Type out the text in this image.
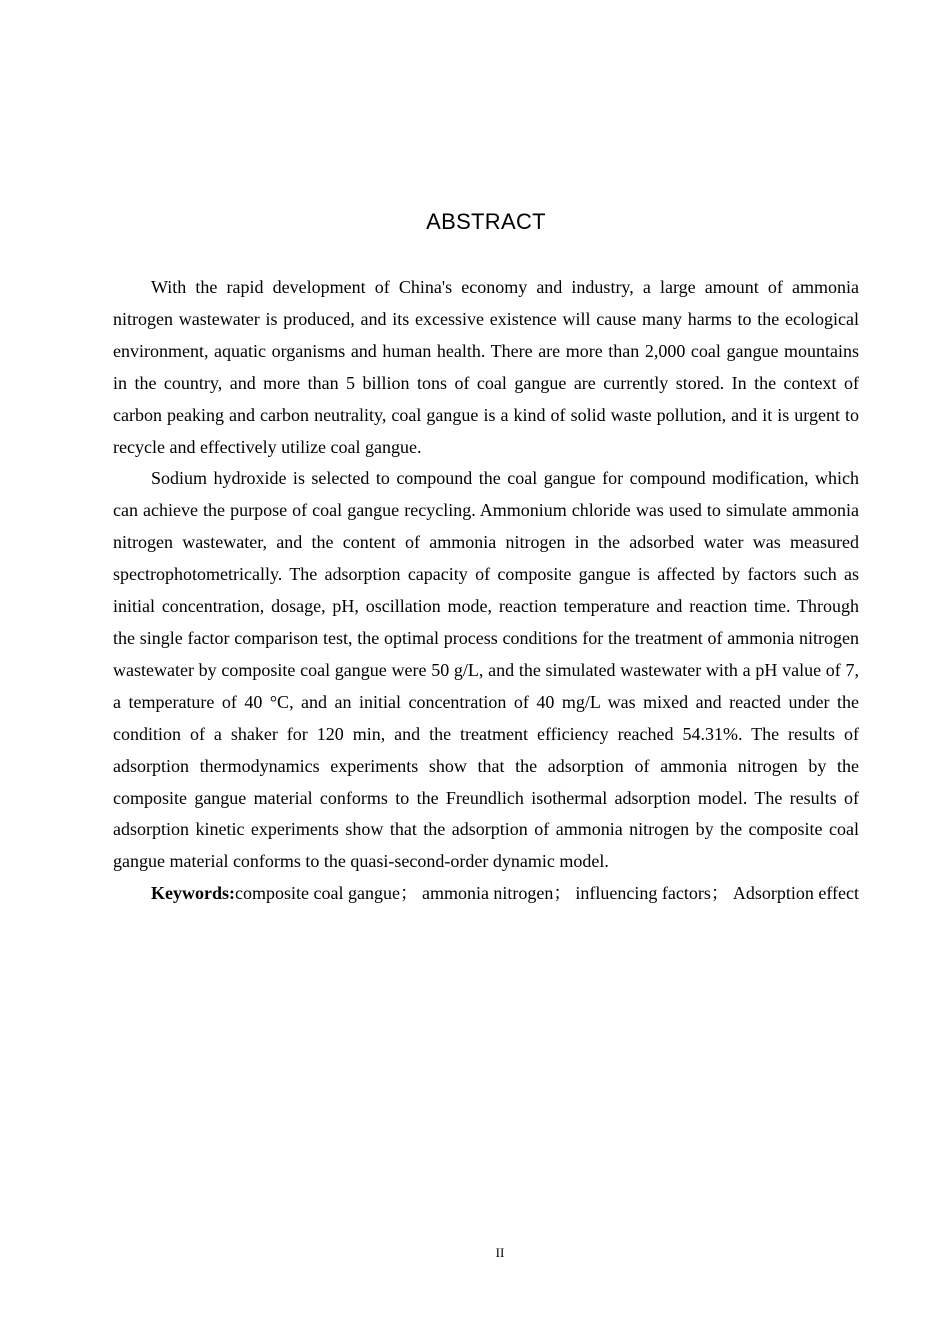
ABSTRACT

With the rapid development of China's economy and industry, a large amount of ammonia nitrogen wastewater is produced, and its excessive existence will cause many harms to the ecological environment, aquatic organisms and human health. There are more than 2,000 coal gangue mountains in the country, and more than 5 billion tons of coal gangue are currently stored. In the context of carbon peaking and carbon neutrality, coal gangue is a kind of solid waste pollution, and it is urgent to recycle and effectively utilize coal gangue.

Sodium hydroxide is selected to compound the coal gangue for compound modification, which can achieve the purpose of coal gangue recycling. Ammonium chloride was used to simulate ammonia nitrogen wastewater, and the content of ammonia nitrogen in the adsorbed water was measured spectrophotometrically. The adsorption capacity of composite gangue is affected by factors such as initial concentration, dosage, pH, oscillation mode, reaction temperature and reaction time. Through the single factor comparison test, the optimal process conditions for the treatment of ammonia nitrogen wastewater by composite coal gangue were 50 g/L, and the simulated wastewater with a pH value of 7, a temperature of 40 °C, and an initial concentration of 40 mg/L was mixed and reacted under the condition of a shaker for 120 min, and the treatment efficiency reached 54.31%. The results of adsorption thermodynamics experiments show that the adsorption of ammonia nitrogen by the composite gangue material conforms to the Freundlich isothermal adsorption model. The results of adsorption kinetic experiments show that the adsorption of ammonia nitrogen by the composite coal gangue material conforms to the quasi-second-order dynamic model.

Keywords:composite coal gangue； ammonia nitrogen； influencing factors； Adsorption effect

II
